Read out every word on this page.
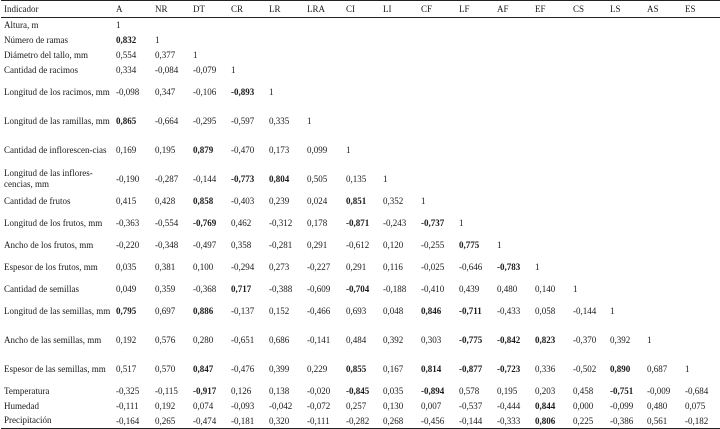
Indicador	A	NR	DT	CR	LR	LRA	CI	LI	CF	LF	AF	EF	CS	LS	AS	ES
Altura, m	1															
Número de ramas	0,832	1														
Diámetro del tallo, mm	0,554	0,377	1													
Cantidad de racimos	0,334	-0,084	-0,079	1												
Longitud de los racimos, mm	-0,098	0,347	-0,106	-0,893	1											
Longitud de las ramillas, mm	0,865	-0,664	-0,295	-0,597	0,335	1										
Cantidad de inflorescen-cias	0,169	0,195	0,879	-0,470	0,173	0,099	1									
Longitud de las inflores-cencias, mm	-0,190	-0,287	-0,144	-0,773	0,804	0,505	0,135	1								
Cantidad de frutos	0,415	0,428	0,858	-0,403	0,239	0,024	0,851	0,352	1							
Longitud de los frutos, mm	-0,363	-0,554	-0,769	0,462	-0,312	0,178	-0,871	-0,243	-0,737	1						
Ancho de los frutos, mm	-0,220	-0,348	-0,497	0,358	-0,281	0,291	-0,612	0,120	-0,255	0,775	1					
Espesor de los frutos, mm	0,035	0,381	0,100	-0,294	0,273	-0,227	0,291	0,116	-0,025	-0,646	-0,783	1				
Cantidad de semillas	0,049	0,359	-0,368	0,717	-0,388	-0,609	-0,704	-0,188	-0,410	0,439	0,480	0,140	1			
Longitud de las semillas, mm	0,795	0,697	0,886	-0,137	0,152	-0,466	0,693	0,048	0,846	-0,711	-0,433	0,058	-0,144	1		
Ancho de las semillas, mm	0,192	0,576	0,280	-0,651	0,686	-0,141	0,484	0,392	0,303	-0,775	-0,842	0,823	-0,370	0,392	1	
Espesor de las semillas, mm	0,517	0,570	0,847	-0,476	0,399	0,229	0,855	0,167	0,814	-0,877	-0,723	0,336	-0,502	0,890	0,687	1
Temperatura	-0,325	-0,115	-0,917	0,126	0,138	-0,020	-0,845	0,035	-0,894	0,578	0,195	0,203	0,458	-0,751	-0,009	-0,684
Humedad	-0,111	0,192	0,074	-0,093	-0,042	-0,072	0,257	0,130	0,007	-0,537	-0,444	0,844	0,000	-0,099	0,480	0,075
Precipitación	-0,164	0,265	-0,474	-0,181	0,320	-0,111	-0,282	0,268	-0,456	-0,144	-0,333	0,806	0,225	-0,386	0,561	-0,182
